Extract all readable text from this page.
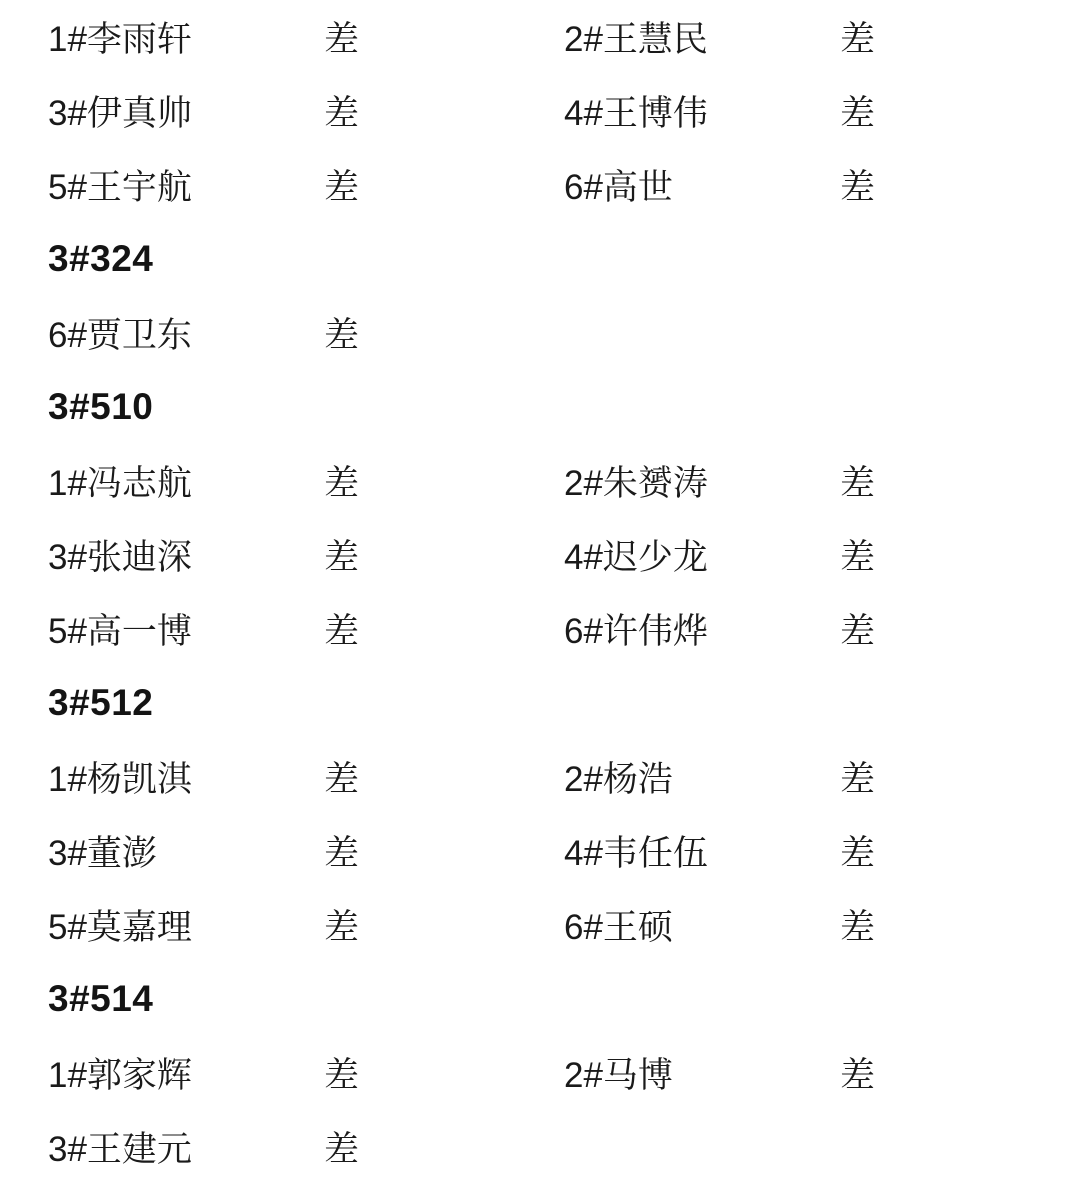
1#李雨轩	差	2#王慧民	差
3#伊真帅	差	4#王博伟	差
5#王宇航	差	6#高世	差
3#324
6#贾卫东	差
3#510
1#冯志航	差	2#朱赟涛	差
3#张迪深	差	4#迟少龙	差
5#高一博	差	6#许伟烨	差
3#512
1#杨凯淇	差	2#杨浩	差
3#董澎	差	4#韦任伍	差
5#莫嘉理	差	6#王硕	差
3#514
1#郭家辉	差	2#马博	差
3#王建元	差
